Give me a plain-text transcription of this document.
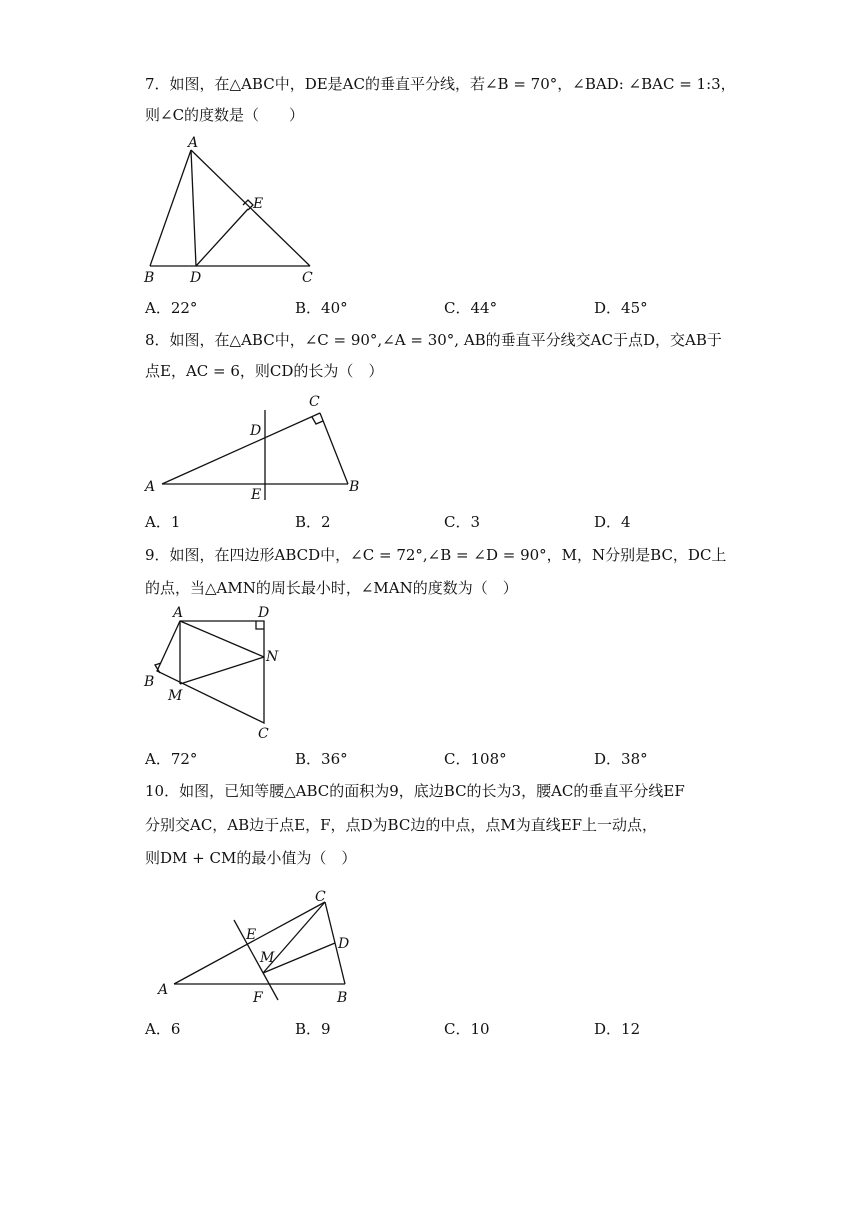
7．如图，在△ABC中，DE是AC的垂直平分线，若∠B = 70°，∠BAD: ∠BAC = 1:3，
则∠C的度数是（　　）
A
B	C
D
E
A．22°	B．40°	C．44°	D．45°
8．如图，在△ABC中，∠C = 90°,∠A = 30°, AB的垂直平分线交AC于点D，交AB于
点E，AC = 6，则CD的长为（　）
A	B
C
D
E
A．1	B．2	C．3	D．4
9．如图，在四边形ABCD中，∠C = 72°,∠B = ∠D = 90°，M，N分别是BC，DC上
的点，当△AMN的周长最小时，∠MAN的度数为（　）
A
B
C
D
M
N
A．72°	B．36°	C．108°	D．38°
10．如图，已知等腰△ABC的面积为9，底边BC的长为3，腰AC的垂直平分线EF
分别交AC，AB边于点E，F，点D为BC边的中点，点M为直线EF上一动点，
则DM + CM的最小值为（　）
A	B
C
D
E
F
M
A．6	B．9	C．10	D．12
